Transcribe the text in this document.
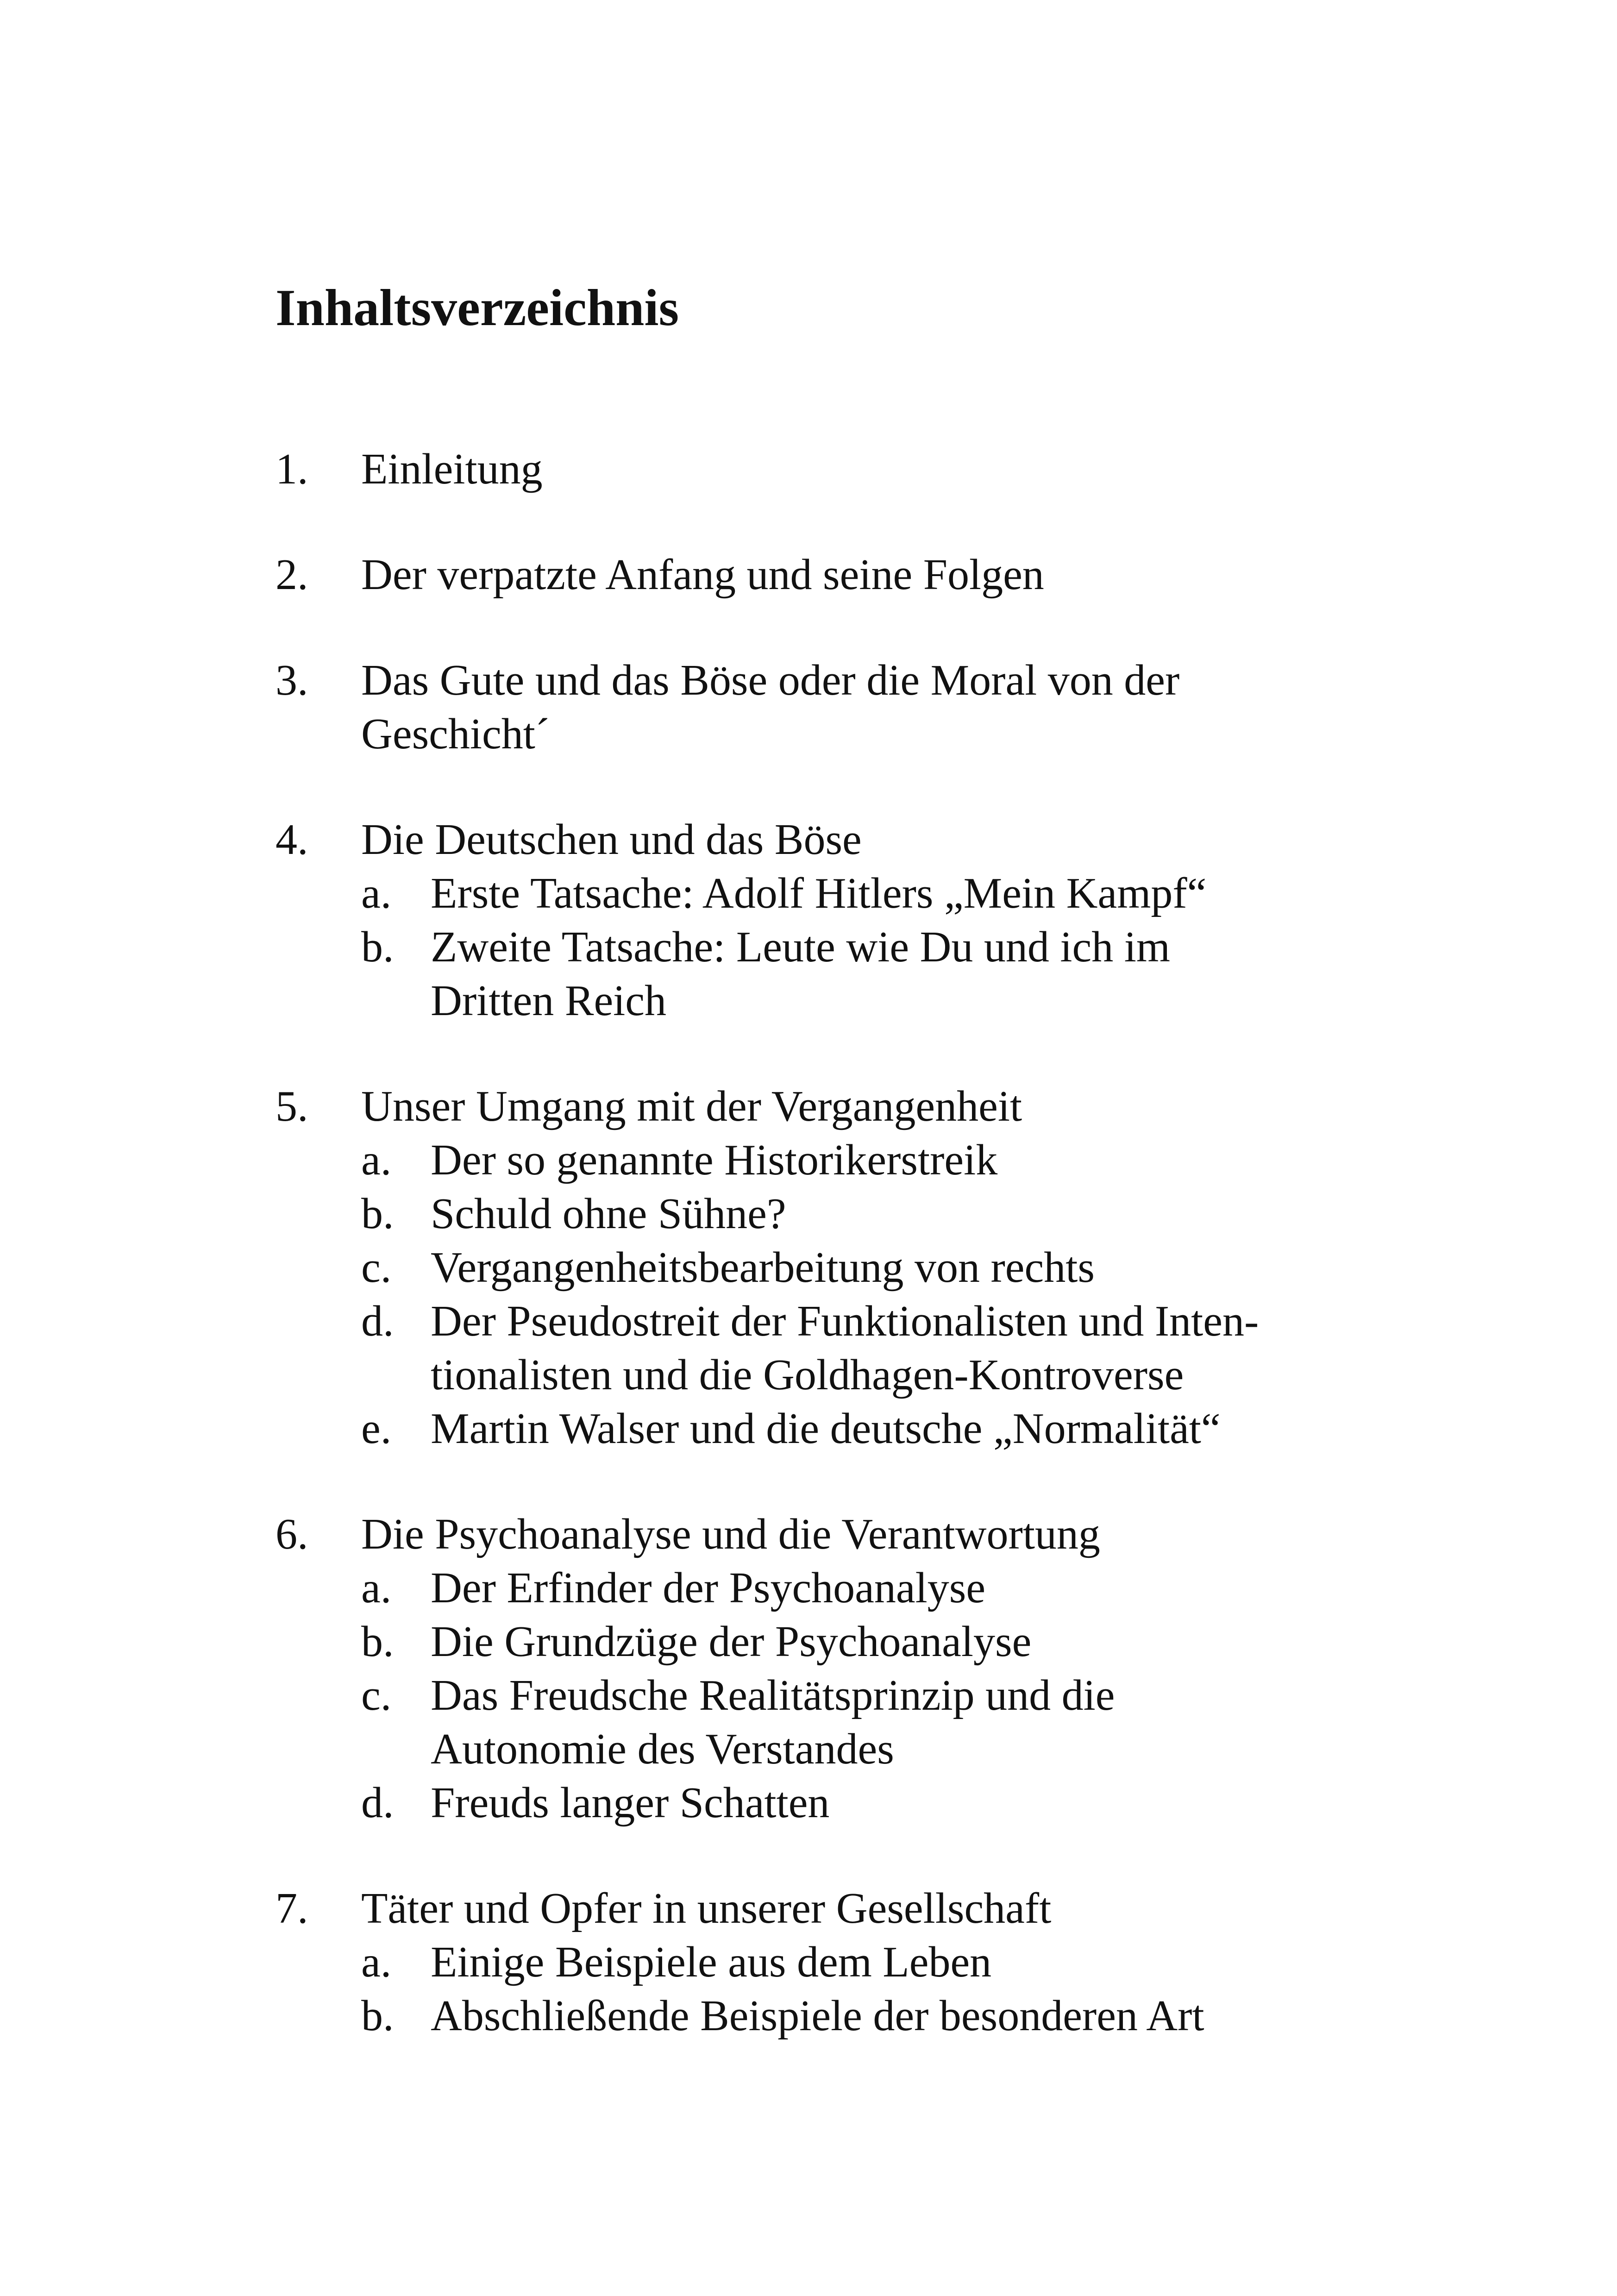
Inhaltsverzeichnis
1. Einleitung
2. Der verpatzte Anfang und seine Folgen
3. Das Gute und das Böse oder die Moral von der
Geschicht´
4. Die Deutschen und das Böse
a. Erste Tatsache: Adolf Hitlers „Mein Kampf“
b. Zweite Tatsache: Leute wie Du und ich im
Dritten Reich
5. Unser Umgang mit der Vergangenheit
a. Der so genannte Historikerstreik
b. Schuld ohne Sühne?
c. Vergangenheitsbearbeitung von rechts
d. Der Pseudostreit der Funktionalisten und Inten-
tionalisten und die Goldhagen-Kontroverse
e. Martin Walser und die deutsche „Normalität“
6. Die Psychoanalyse und die Verantwortung
a. Der Erfinder der Psychoanalyse
b. Die Grundzüge der Psychoanalyse
c. Das Freudsche Realitätsprinzip und die
Autonomie des Verstandes
d. Freuds langer Schatten
7. Täter und Opfer in unserer Gesellschaft
a. Einige Beispiele aus dem Leben
b. Abschließende Beispiele der besonderen Art
